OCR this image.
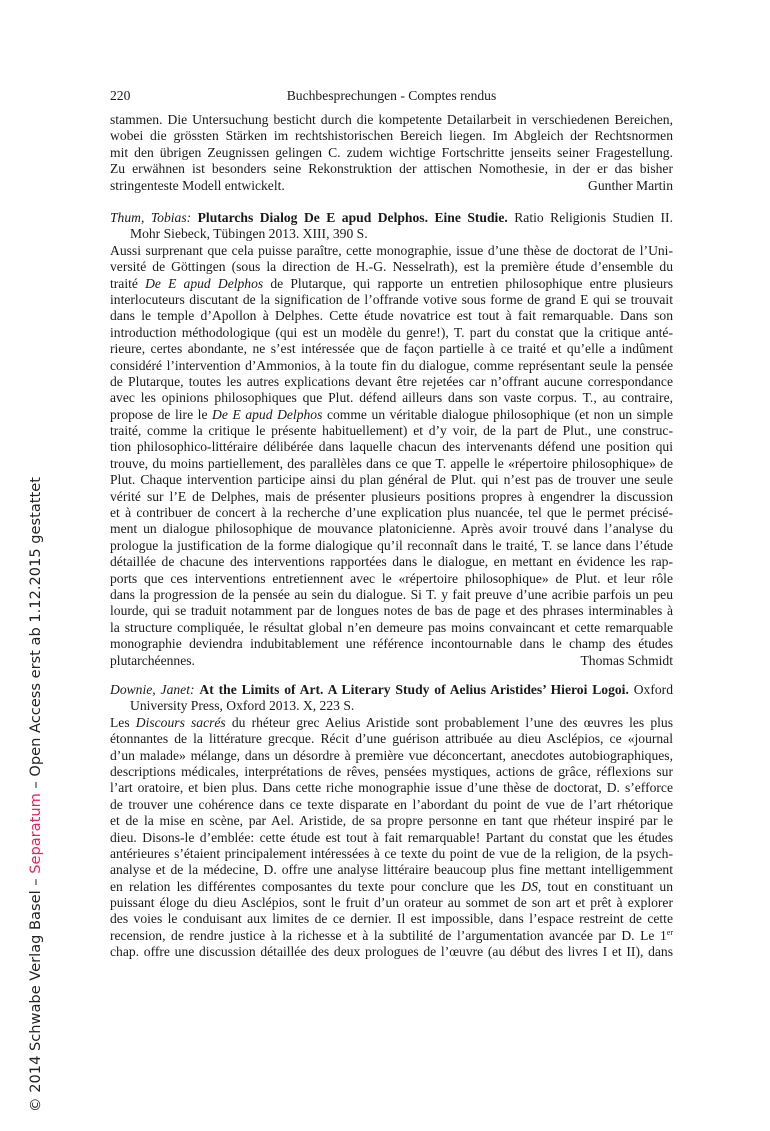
220	Buchbesprechungen - Comptes rendus
stammen. Die Untersuchung besticht durch die kompetente Detailarbeit in verschiedenen Bereichen,
wobei die grössten Stärken im rechtshistorischen Bereich liegen. Im Abgleich der Rechtsnormen
mit den übrigen Zeugnissen gelingen C. zudem wichtige Fortschritte jenseits seiner Fragestellung.
Zu erwähnen ist besonders seine Rekonstruktion der attischen Nomothesie, in der er das bisher
stringenteste Modell entwickelt.	Gunther Martin
Thum, Tobias: Plutarchs Dialog De E apud Delphos. Eine Studie. Ratio Religionis Studien II.
Mohr Siebeck, Tübingen 2013. XIII, 390 S.
Aussi surprenant que cela puisse paraître, cette monographie, issue d’une thèse de doctorat de l’Uni-
versité de Göttingen (sous la direction de H.-G. Nesselrath), est la première étude d’ensemble du
traité De E apud Delphos de Plutarque, qui rapporte un entretien philosophique entre plusieurs
interlocuteurs discutant de la signification de l’offrande votive sous forme de grand E qui se trouvait
dans le temple d’Apollon à Delphes. Cette étude novatrice est tout à fait remarquable. Dans son
introduction méthodologique (qui est un modèle du genre!), T. part du constat que la critique anté-
rieure, certes abondante, ne s’est intéressée que de façon partielle à ce traité et qu’elle a indûment
considéré l’intervention d’Ammonios, à la toute fin du dialogue, comme représentant seule la pensée
de Plutarque, toutes les autres explications devant être rejetées car n’offrant aucune correspondance
avec les opinions philosophiques que Plut. défend ailleurs dans son vaste corpus. T., au contraire,
propose de lire le De E apud Delphos comme un véritable dialogue philosophique (et non un simple
traité, comme la critique le présente habituellement) et d’y voir, de la part de Plut., une construc-
tion philosophico-littéraire délibérée dans laquelle chacun des intervenants défend une position qui
trouve, du moins partiellement, des parallèles dans ce que T. appelle le «répertoire philosophique» de
Plut. Chaque intervention participe ainsi du plan général de Plut. qui n’est pas de trouver une seule
vérité sur l’E de Delphes, mais de présenter plusieurs positions propres à engendrer la discussion
et à contribuer de concert à la recherche d’une explication plus nuancée, tel que le permet précisé-
ment un dialogue philosophique de mouvance platonicienne. Après avoir trouvé dans l’analyse du
prologue la justification de la forme dialogique qu’il reconnaît dans le traité, T. se lance dans l’étude
détaillée de chacune des interventions rapportées dans le dialogue, en mettant en évidence les rap-
ports que ces interventions entretiennent avec le «répertoire philosophique» de Plut. et leur rôle
dans la progression de la pensée au sein du dialogue. Si T. y fait preuve d’une acribie parfois un peu
lourde, qui se traduit notamment par de longues notes de bas de page et des phrases interminables à
la structure compliquée, le résultat global n’en demeure pas moins convaincant et cette remarquable
monographie deviendra indubitablement une référence incontournable dans le champ des études
plutarchéennes.	Thomas Schmidt
Downie, Janet: At the Limits of Art. A Literary Study of Aelius Aristides’ Hieroi Logoi. Oxford
University Press, Oxford 2013. X, 223 S.
Les Discours sacrés du rhéteur grec Aelius Aristide sont probablement l’une des œuvres les plus
étonnantes de la littérature grecque. Récit d’une guérison attribuée au dieu Asclépios, ce «journal
d’un malade» mélange, dans un désordre à première vue déconcertant, anecdotes autobiographiques,
descriptions médicales, interprétations de rêves, pensées mystiques, actions de grâce, réflexions sur
l’art oratoire, et bien plus. Dans cette riche monographie issue d’une thèse de doctorat, D. s’efforce
de trouver une cohérence dans ce texte disparate en l’abordant du point de vue de l’art rhétorique
et de la mise en scène, par Ael. Aristide, de sa propre personne en tant que rhéteur inspiré par le
dieu. Disons-le d’emblée: cette étude est tout à fait remarquable! Partant du constat que les études
antérieures s’étaient principalement intéressées à ce texte du point de vue de la religion, de la psych-
analyse et de la médecine, D. offre une analyse littéraire beaucoup plus fine mettant intelligemment
en relation les différentes composantes du texte pour conclure que les DS, tout en constituant un
puissant éloge du dieu Asclépios, sont le fruit d’un orateur au sommet de son art et prêt à explorer
des voies le conduisant aux limites de ce dernier. Il est impossible, dans l’espace restreint de cette
recension, de rendre justice à la richesse et à la subtilité de l’argumentation avancée par D. Le 1er
chap. offre une discussion détaillée des deux prologues de l’œuvre (au début des livres I et II), dans
© 2014 Schwabe Verlag Basel – Separatum – Open Access erst ab 1.12.2015 gestattet
